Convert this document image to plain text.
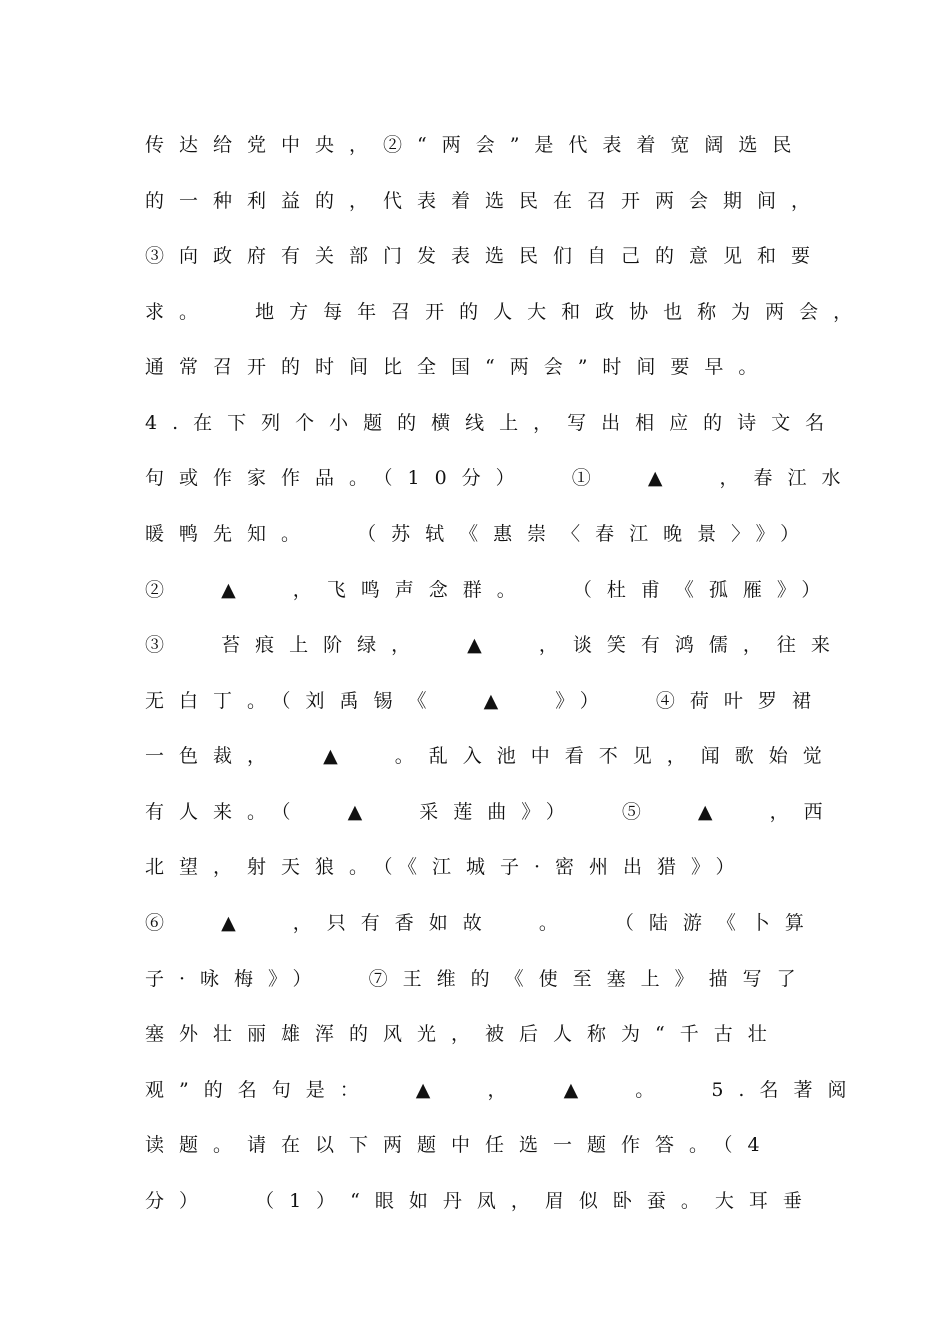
传达给党中央，②“两会”是代表着宽阔选民
的一种利益的，代表着选民在召开两会期间，
③向政府有关部门发表选民们自己的意见和要
求。  地方每年召开的人大和政协也称为两会，
通常召开的时间比全国“两会”时间要早。
4.在下列个小题的横线上，写出相应的诗文名
句或作家作品。（10分）  ①  ▲  ，春江水
暖鸭先知。  （苏轼《惠崇〈春江晚景〉》）
②  ▲  ，飞鸣声念群。  （杜甫《孤雁》）
③  苔痕上阶绿，  ▲  ，谈笑有鸿儒，往来
无白丁。（刘禹锡《  ▲  》）  ④荷叶罗裙
一色裁，  ▲  。乱入池中看不见，闻歌始觉
有人来。（  ▲  采莲曲》）  ⑤  ▲  ，西
北望，射天狼。（《江城子·密州出猎》）
⑥  ▲  ，只有香如故  。  （陆游《卜算
子·咏梅》）  ⑦王维的《使至塞上》描写了
塞外壮丽雄浑的风光，被后人称为“千古壮
观”的名句是：  ▲  ，  ▲  。  5.名著阅
读题。请在以下两题中任选一题作答。（4
分）  （1）“眼如丹凤，眉似卧蚕。大耳垂
